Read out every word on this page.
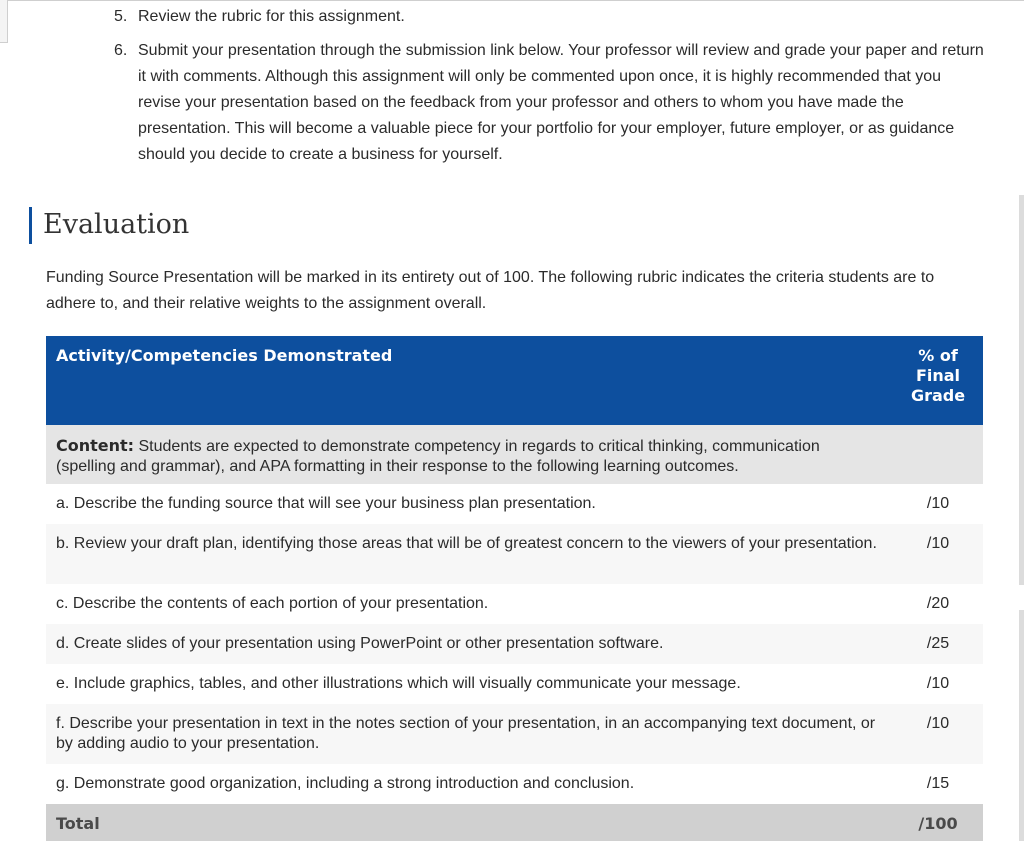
5. Review the rubric for this assignment.
6. Submit your presentation through the submission link below. Your professor will review and grade your paper and return it with comments. Although this assignment will only be commented upon once, it is highly recommended that you revise your presentation based on the feedback from your professor and others to whom you have made the presentation. This will become a valuable piece for your portfolio for your employer, future employer, or as guidance should you decide to create a business for yourself.
Evaluation

Funding Source Presentation will be marked in its entirety out of 100. The following rubric indicates the criteria students are to adhere to, and their relative weights to the assignment overall.

Activity/Competencies Demonstrated	% of
Final
Grade

Content: Students are expected to demonstrate competency in regards to critical thinking, communication (spelling and grammar), and APA formatting in their response to the following learning outcomes.	
a. Describe the funding source that will see your business plan presentation.	/10
b. Review your draft plan, identifying those areas that will be of greatest concern to the viewers of your presentation.	/10
c. Describe the contents of each portion of your presentation.	/20
d. Create slides of your presentation using PowerPoint or other presentation software.	/25
e. Include graphics, tables, and other illustrations which will visually communicate your message.	/10
f. Describe your presentation in text in the notes section of your presentation, in an accompanying text document, or by adding audio to your presentation.	/10
g. Demonstrate good organization, including a strong introduction and conclusion.	/15
Total	/100
